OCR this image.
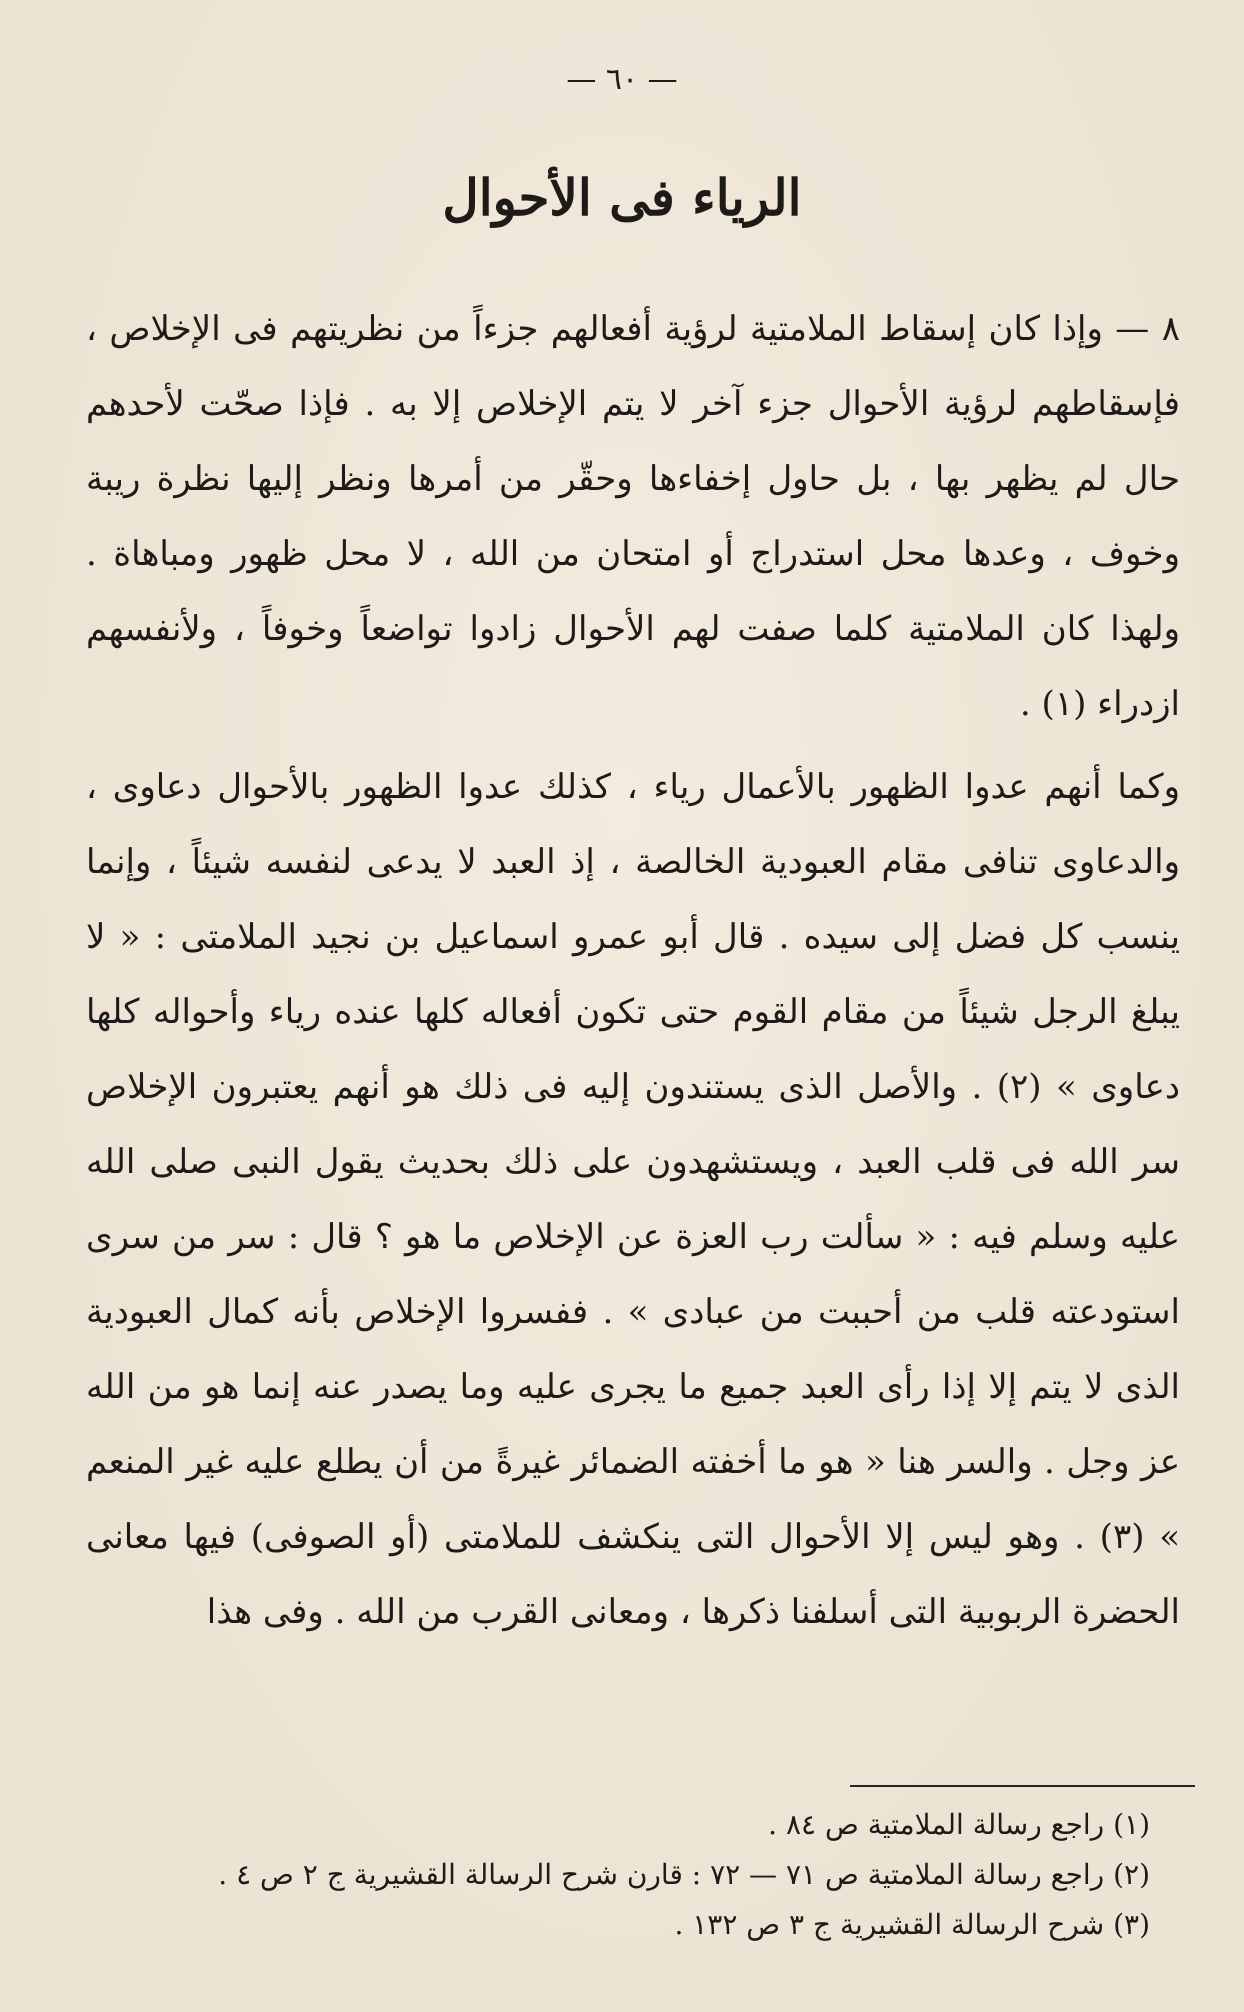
— ٦٠ —
الرياء فى الأحوال

٨ — وإذا كان إسقاط الملامتية لرؤية أفعالهم جزءاً من نظريتهم فى الإخلاص ، فإسقاطهم لرؤية الأحوال جزء آخر لا يتم الإخلاص إلا به . فإذا صحّت لأحدهم حال لم يظهر بها ، بل حاول إخفاءها وحقّر من أمرها ونظر إليها نظرة ريبة وخوف ، وعدها محل استدراج أو امتحان من الله ، لا محل ظهور ومباهاة . ولهذا كان الملامتية كلما صفت لهم الأحوال زادوا تواضعاً وخوفاً ، ولأنفسهم ازدراء (١) .

وكما أنهم عدوا الظهور بالأعمال رياء ، كذلك عدوا الظهور بالأحوال دعاوى ، والدعاوى تنافى مقام العبودية الخالصة ، إذ العبد لا يدعى لنفسه شيئاً ، وإنما ينسب كل فضل إلى سيده . قال أبو عمرو اسماعيل بن نجيد الملامتى : « لا يبلغ الرجل شيئاً من مقام القوم حتى تكون أفعاله كلها عنده رياء وأحواله كلها دعاوى » (٢) . والأصل الذى يستندون إليه فى ذلك هو أنهم يعتبرون الإخلاص سر الله فى قلب العبد ، ويستشهدون على ذلك بحديث يقول النبى صلى الله عليه وسلم فيه : « سألت رب العزة عن الإخلاص ما هو ؟ قال : سر من سرى استودعته قلب من أحببت من عبادى » . ففسروا الإخلاص بأنه كمال العبودية الذى لا يتم إلا إذا رأى العبد جميع ما يجرى عليه وما يصدر عنه إنما هو من الله عز وجل . والسر هنا « هو ما أخفته الضمائر غيرةً من أن يطلع عليه غير المنعم » (٣) . وهو ليس إلا الأحوال التى ينكشف للملامتى (أو الصوفى) فيها معانى الحضرة الربوبية التى أسلفنا ذكرها ، ومعانى القرب من الله . وفى هذا

(١) راجع رسالة الملامتية ص ٨٤ .

(٢) راجع رسالة الملامتية ص ٧١ — ٧٢ : قارن شرح الرسالة القشيرية ج ٢ ص ٤ .

(٣) شرح الرسالة القشيرية ج ٣ ص ١٣٢ .
